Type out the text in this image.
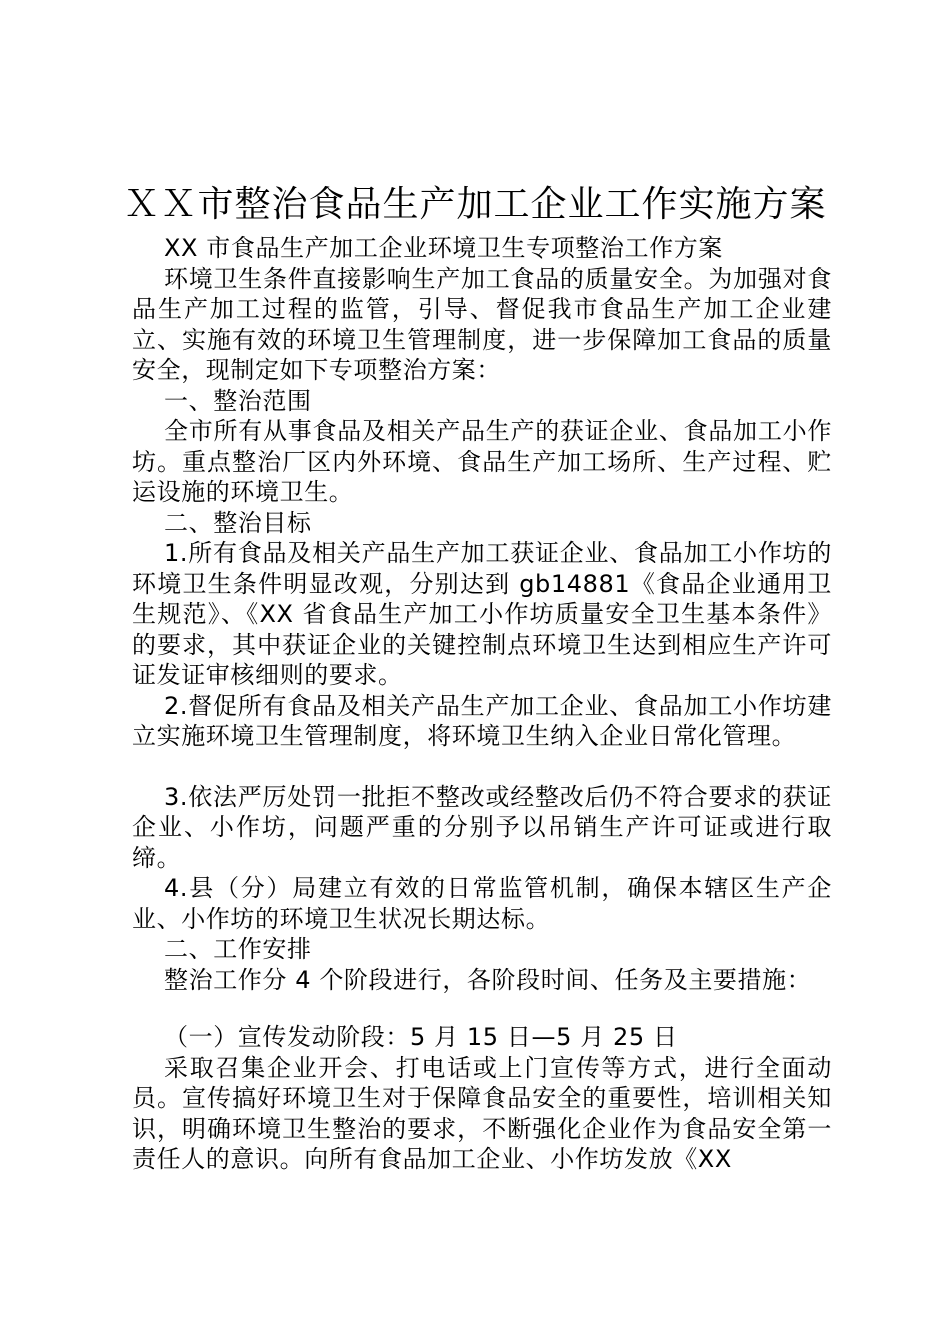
ＸＸ市整治食品生产加工企业工作实施方案

XX 市食品生产加工企业环境卫生专项整治工作方案

环境卫生条件直接影响生产加工食品的质量安全。为加强对食品生产加工过程的监管，引导、督促我市食品生产加工企业建立、实施有效的环境卫生管理制度，进一步保障加工食品的质量安全，现制定如下专项整治方案：

一、整治范围

全市所有从事食品及相关产品生产的获证企业、食品加工小作坊。重点整治厂区内外环境、食品生产加工场所、生产过程、贮运设施的环境卫生。

二、整治目标

1.所有食品及相关产品生产加工获证企业、食品加工小作坊的环境卫生条件明显改观，分别达到 gb14881《食品企业通用卫生规范》、《XX 省食品生产加工小作坊质量安全卫生基本条件》的要求，其中获证企业的关键控制点环境卫生达到相应生产许可证发证审核细则的要求。

2.督促所有食品及相关产品生产加工企业、食品加工小作坊建立实施环境卫生管理制度，将环境卫生纳入企业日常化管理。

3.依法严厉处罚一批拒不整改或经整改后仍不符合要求的获证企业、小作坊，问题严重的分别予以吊销生产许可证或进行取缔。

4.县（分）局建立有效的日常监管机制，确保本辖区生产企业、小作坊的环境卫生状况长期达标。

二、工作安排

整治工作分 4 个阶段进行，各阶段时间、任务及主要措施：

（一）宣传发动阶段：5 月 15 日—5 月 25 日

采取召集企业开会、打电话或上门宣传等方式，进行全面动员。宣传搞好环境卫生对于保障食品安全的重要性，培训相关知识，明确环境卫生整治的要求，不断强化企业作为食品安全第一责任人的意识。向所有食品加工企业、小作坊发放《XX
